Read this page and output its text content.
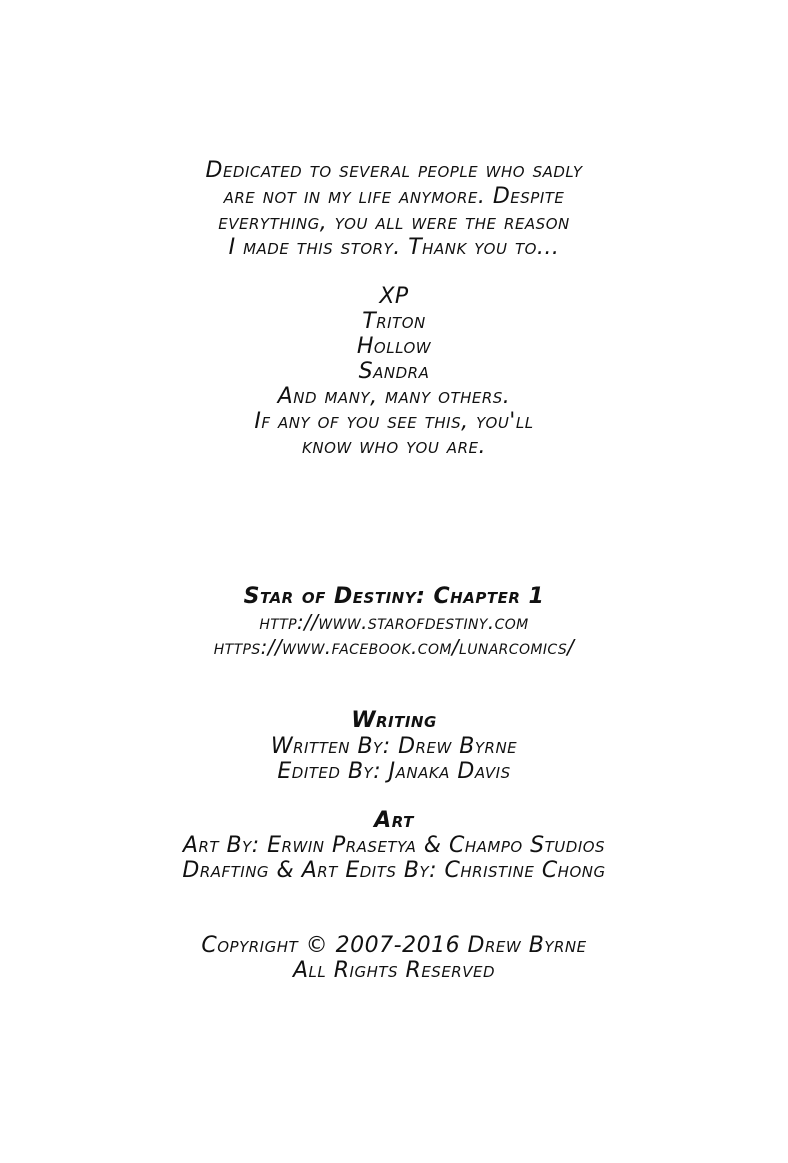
Dedicated to several people who sadly
are not in my life anymore. Despite
everything, you all were the reason
I made this story. Thank you to...
XP
Triton
Hollow
Sandra
And many, many others.
If any of you see this, you'll
know who you are.
Star of Destiny: Chapter 1
http://www.starofdestiny.com
https://www.facebook.com/lunarcomics/
Writing
Written By: Drew Byrne
Edited By: Janaka Davis
Art
Art By: Erwin Prasetya & Champo Studios
Drafting & Art Edits By: Christine Chong
Copyright © 2007-2016 Drew Byrne
All Rights Reserved
